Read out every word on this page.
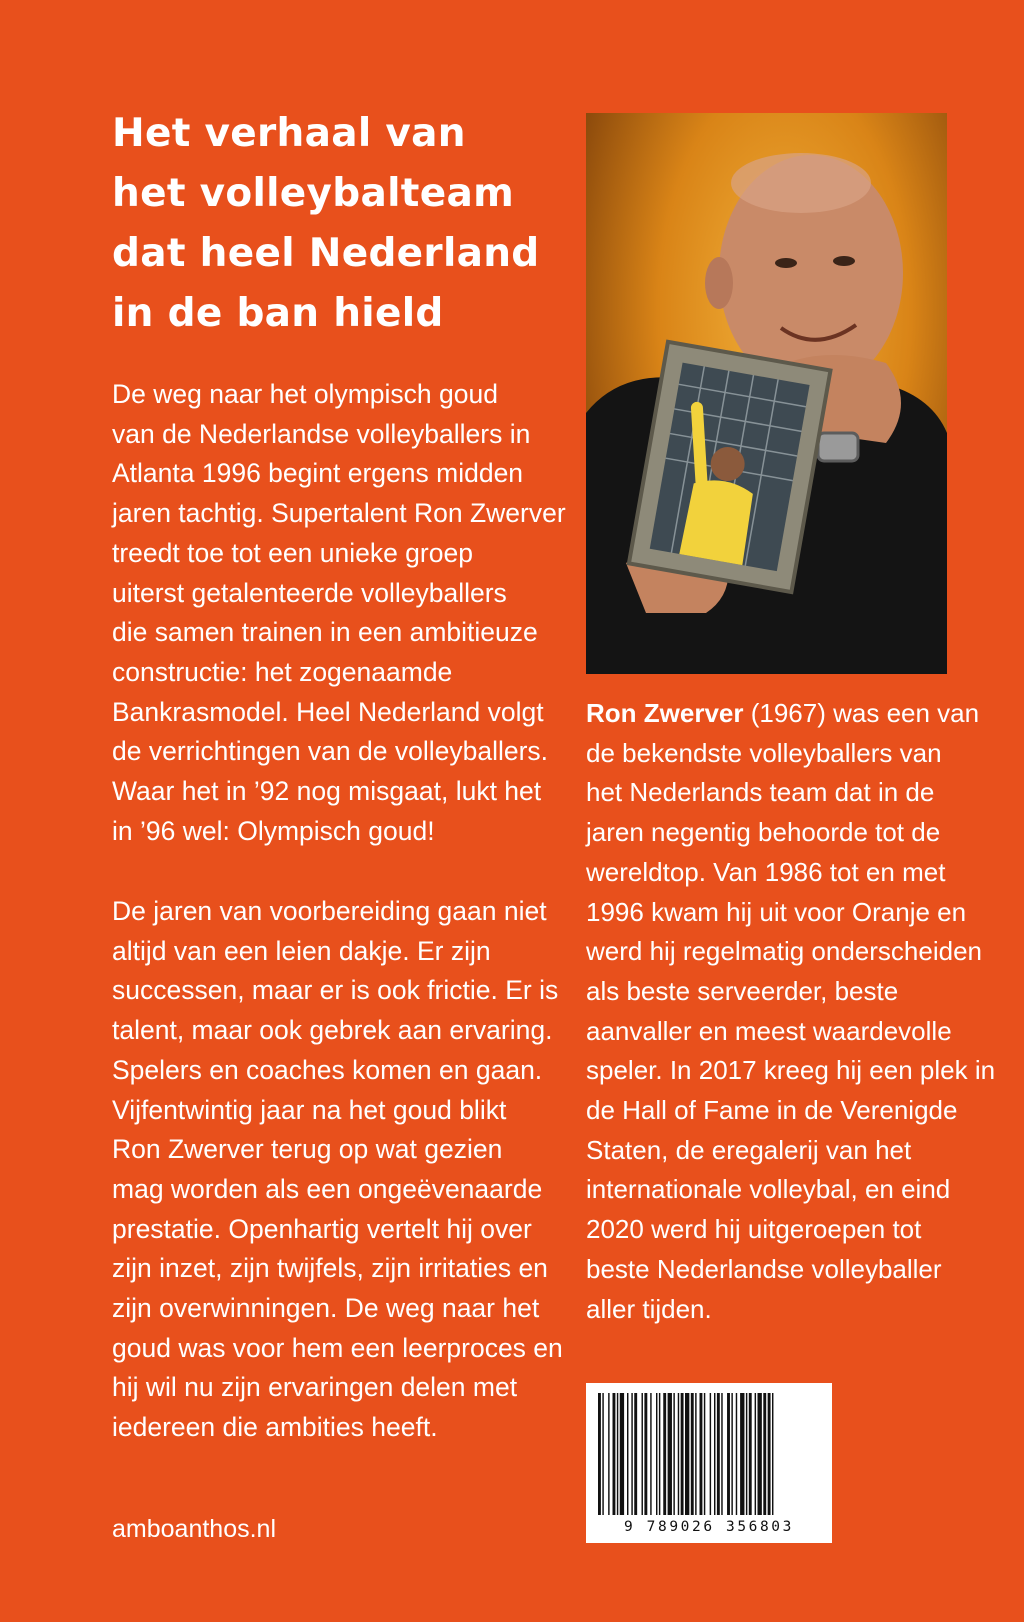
Het verhaal van
het volleybalteam
dat heel Nederland
in de ban hield
De weg naar het olympisch goud
van de Nederlandse volleyballers in
Atlanta 1996 begint ergens midden
jaren tachtig. Supertalent Ron Zwerver
treedt toe tot een unieke groep
uiterst getalenteerde volleyballers
die samen trainen in een ambitieuze
constructie: het zogenaamde
Bankrasmodel. Heel Nederland volgt
de verrichtingen van de volleyballers.
Waar het in ’92 nog misgaat, lukt het
in ’96 wel: Olympisch goud!
De jaren van voorbereiding gaan niet
altijd van een leien dakje. Er zijn
successen, maar er is ook frictie. Er is
talent, maar ook gebrek aan ervaring.
Spelers en coaches komen en gaan.
Vijfentwintig jaar na het goud blikt
Ron Zwerver terug op wat gezien
mag worden als een ongeëvenaarde
prestatie. Openhartig vertelt hij over
zijn inzet, zijn twijfels, zijn irritaties en
zijn overwinningen. De weg naar het
goud was voor hem een leerproces en
hij wil nu zijn ervaringen delen met
iedereen die ambities heeft.
amboanthos.nl
Ron Zwerver (1967) was een van
de bekendste volleyballers van
het Nederlands team dat in de
jaren negentig behoorde tot de
wereldtop. Van 1986 tot en met
1996 kwam hij uit voor Oranje en
werd hij regelmatig onderscheiden
als beste serveerder, beste
aanvaller en meest waardevolle
speler. In 2017 kreeg hij een plek in
de Hall of Fame in de Verenigde
Staten, de eregalerij van het
internationale volleybal, en eind
2020 werd hij uitgeroepen tot
beste Nederlandse volleyballer
aller tijden.
9 789026 356803
